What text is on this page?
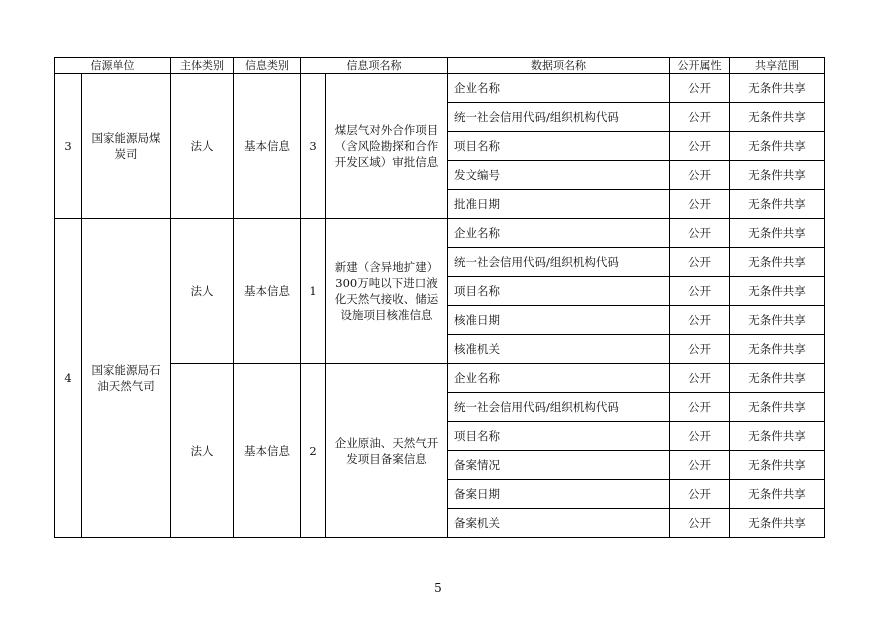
信源单位		主体类别	信息类别	信息项名称		数据项名称	公开属性	共享范围
3	国家能源局煤炭司	法人	基本信息	3	煤层气对外合作项目（含风险勘探和合作开发区域）审批信息	企业名称	公开	无条件共享
						统一社会信用代码/组织机构代码	公开	无条件共享
						项目名称	公开	无条件共享
						发文编号	公开	无条件共享
						批准日期	公开	无条件共享
4	国家能源局石油天然气司	法人	基本信息	1	新建（含异地扩建）300万吨以下进口液化天然气接收、储运设施项目核准信息	企业名称	公开	无条件共享
						统一社会信用代码/组织机构代码	公开	无条件共享
						项目名称	公开	无条件共享
						核准日期	公开	无条件共享
						核准机关	公开	无条件共享
		法人	基本信息	2	企业原油、天然气开发项目备案信息	企业名称	公开	无条件共享
						统一社会信用代码/组织机构代码	公开	无条件共享
						项目名称	公开	无条件共享
						备案情况	公开	无条件共享
						备案日期	公开	无条件共享
						备案机关	公开	无条件共享
5
